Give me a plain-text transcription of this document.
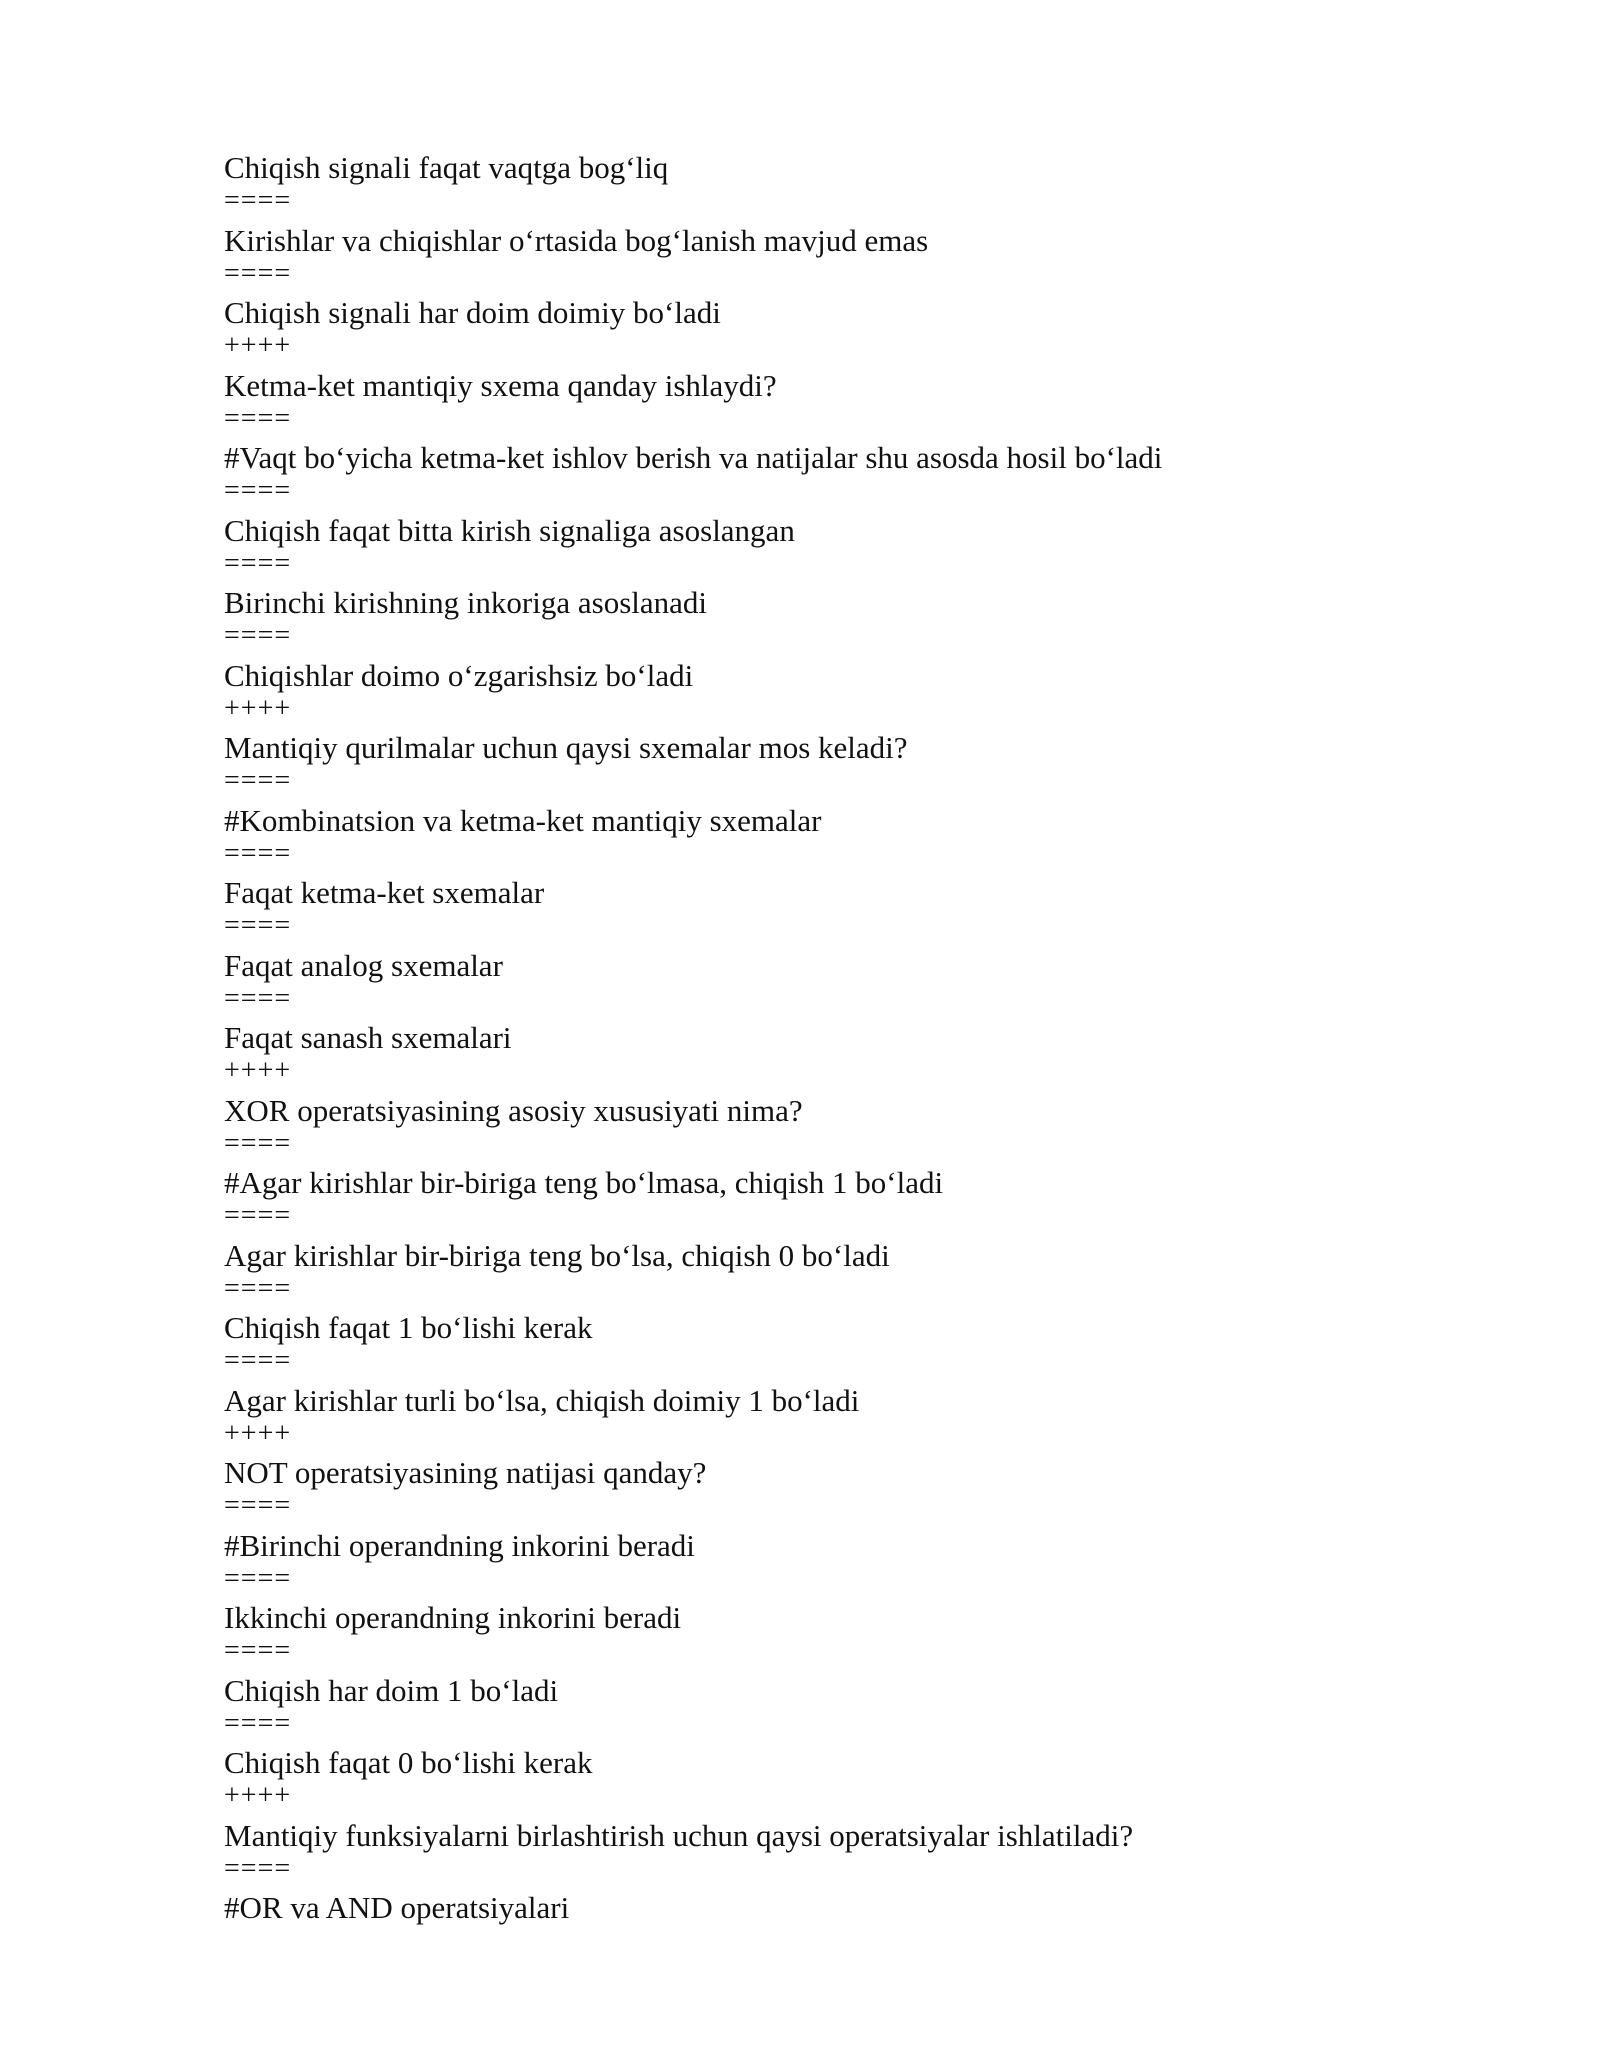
Chiqish signali faqat vaqtga bog‘liq
====
Kirishlar va chiqishlar o‘rtasida bog‘lanish mavjud emas
====
Chiqish signali har doim doimiy bo‘ladi
++++
Ketma-ket mantiqiy sxema qanday ishlaydi?
====
#Vaqt bo‘yicha ketma-ket ishlov berish va natijalar shu asosda hosil bo‘ladi
====
Chiqish faqat bitta kirish signaliga asoslangan
====
Birinchi kirishning inkoriga asoslanadi
====
Chiqishlar doimo o‘zgarishsiz bo‘ladi
++++
Mantiqiy qurilmalar uchun qaysi sxemalar mos keladi?
====
#Kombinatsion va ketma-ket mantiqiy sxemalar
====
Faqat ketma-ket sxemalar
====
Faqat analog sxemalar
====
Faqat sanash sxemalari
++++
XOR operatsiyasining asosiy xususiyati nima?
====
#Agar kirishlar bir-biriga teng bo‘lmasa, chiqish 1 bo‘ladi
====
Agar kirishlar bir-biriga teng bo‘lsa, chiqish 0 bo‘ladi
====
Chiqish faqat 1 bo‘lishi kerak
====
Agar kirishlar turli bo‘lsa, chiqish doimiy 1 bo‘ladi
++++
NOT operatsiyasining natijasi qanday?
====
#Birinchi operandning inkorini beradi
====
Ikkinchi operandning inkorini beradi
====
Chiqish har doim 1 bo‘ladi
====
Chiqish faqat 0 bo‘lishi kerak
++++
Mantiqiy funksiyalarni birlashtirish uchun qaysi operatsiyalar ishlatiladi?
====
#OR va AND operatsiyalari
